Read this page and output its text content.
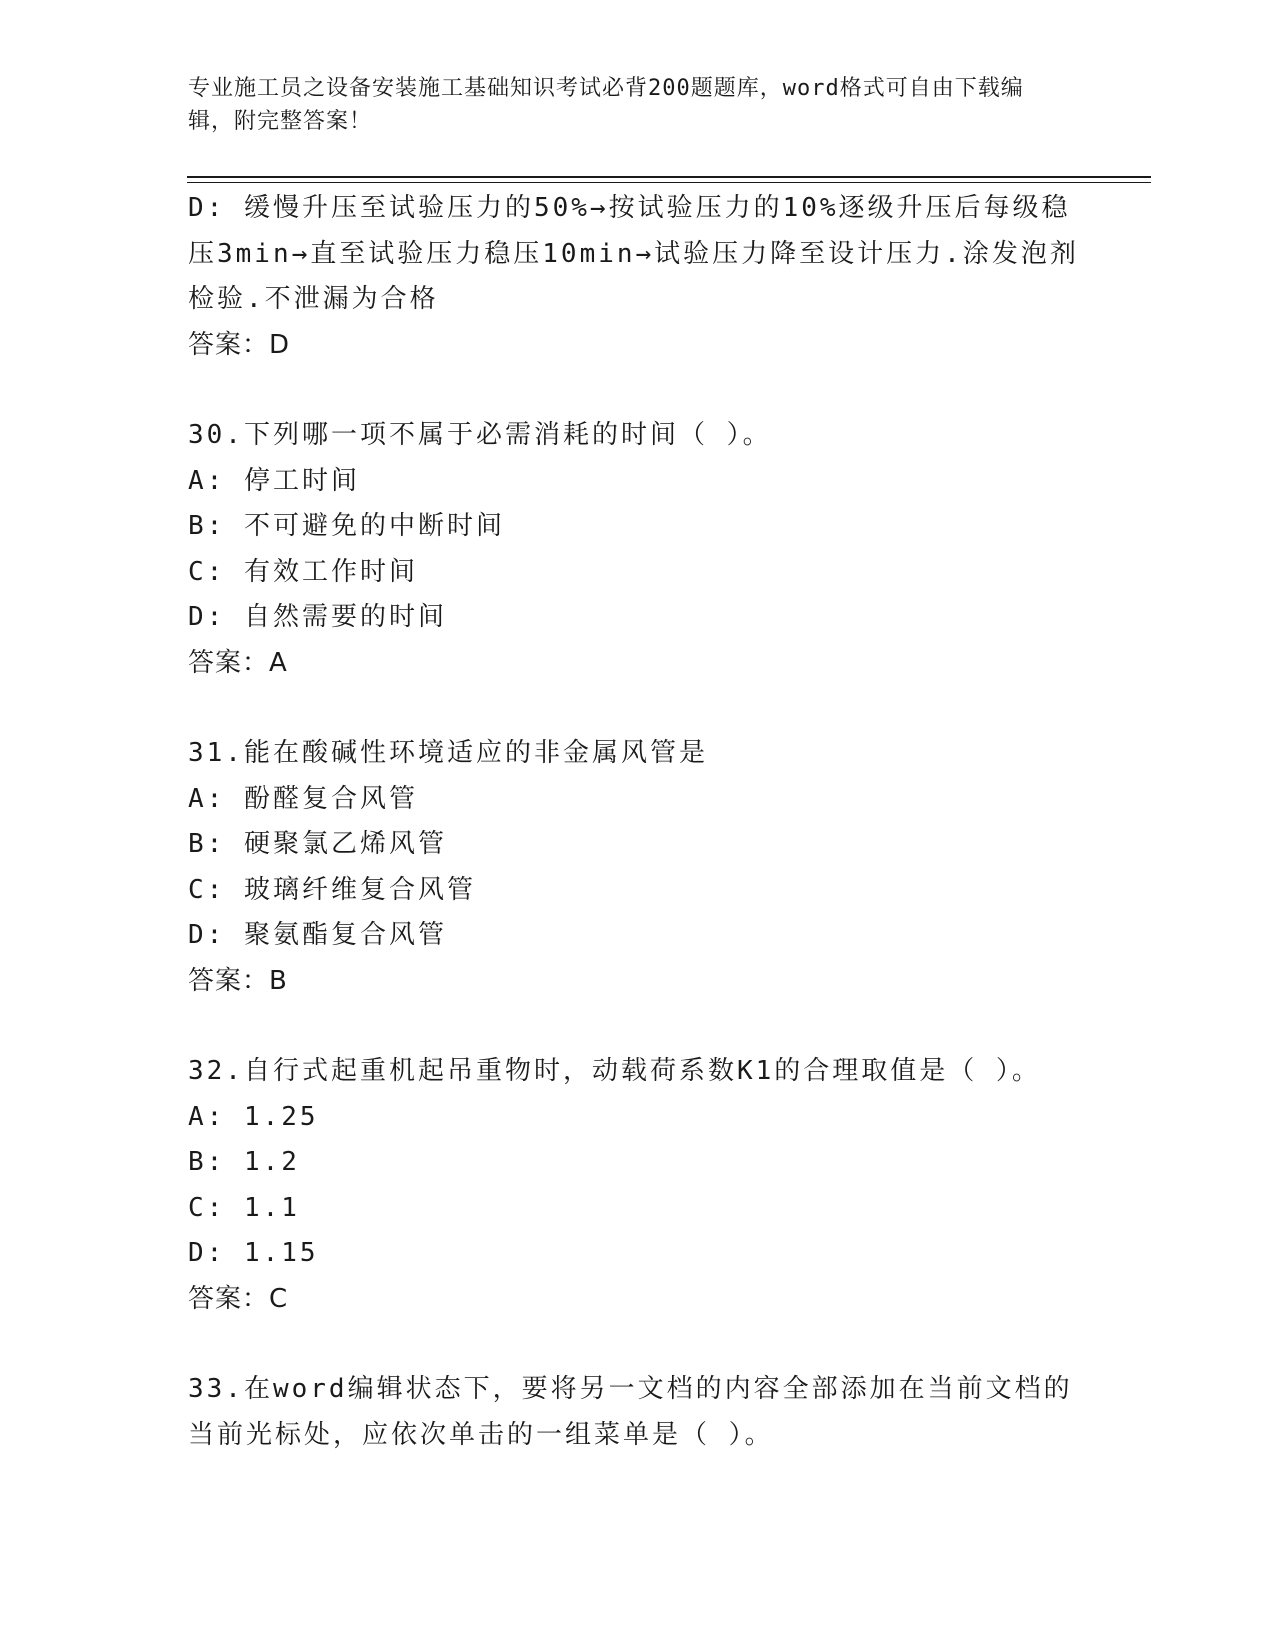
专业施工员之设备安装施工基础知识考试必背200题题库，word格式可自由下载编辑，附完整答案！
D: 缓慢升压至试验压力的50%→按试验压力的10%逐级升压后每级稳
压3min→直至试验压力稳压10min→试验压力降至设计压力.涂发泡剂
检验.不泄漏为合格
答案：D
30.下列哪一项不属于必需消耗的时间（ ）。
A: 停工时间
B: 不可避免的中断时间
C: 有效工作时间
D: 自然需要的时间
答案：A
31.能在酸碱性环境适应的非金属风管是
A: 酚醛复合风管
B: 硬聚氯乙烯风管
C: 玻璃纤维复合风管
D: 聚氨酯复合风管
答案：B
32.自行式起重机起吊重物时，动载荷系数K1的合理取值是（ ）。
A: 1.25
B: 1.2
C: 1.1
D: 1.15
答案：C
33.在word编辑状态下，要将另一文档的内容全部添加在当前文档的
当前光标处，应依次单击的一组菜单是（ ）。
